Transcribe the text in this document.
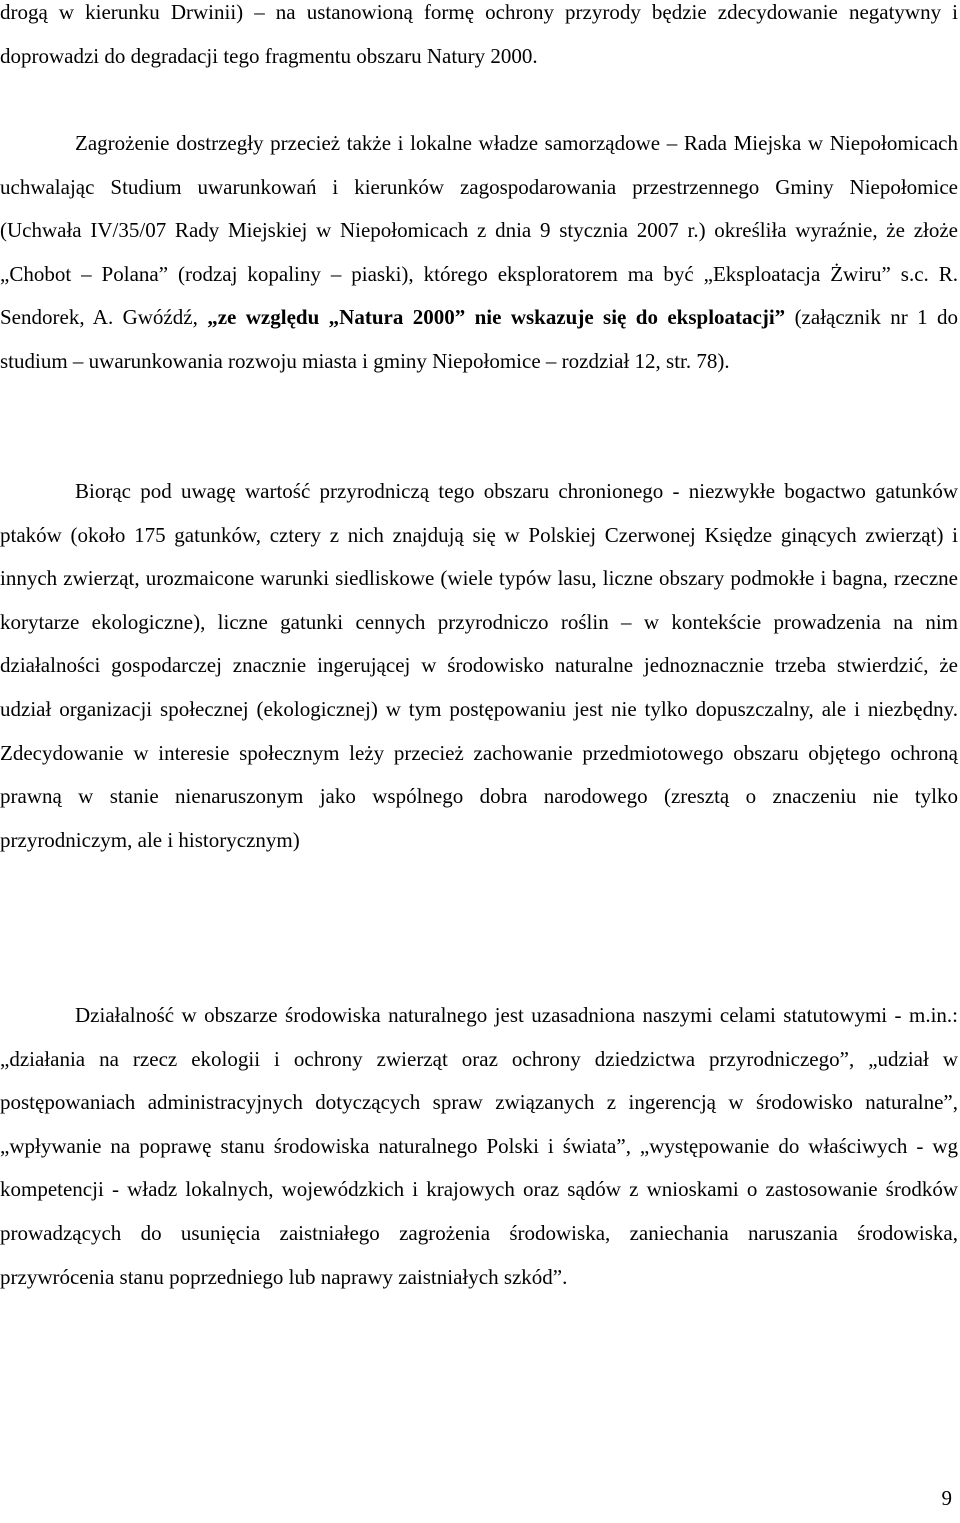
drogą w kierunku Drwinii) – na ustanowioną formę ochrony przyrody będzie zdecydowanie negatywny i doprowadzi do degradacji tego fragmentu obszaru Natury 2000.

Zagrożenie dostrzegły przecież także i lokalne władze samorządowe – Rada Miejska w Niepołomicach uchwalając Studium uwarunkowań i kierunków zagospodarowania przestrzennego Gminy Niepołomice (Uchwała IV/35/07 Rady Miejskiej w Niepołomicach z dnia 9 stycznia 2007 r.) określiła wyraźnie, że złoże „Chobot – Polana” (rodzaj kopaliny – piaski), którego eksploratorem ma być „Eksploatacja Żwiru” s.c. R. Sendorek, A. Gwóźdź, „ze względu „Natura 2000” nie wskazuje się do eksploatacji” (załącznik nr 1 do studium – uwarunkowania rozwoju miasta i gminy Niepołomice – rozdział 12, str. 78).

Biorąc pod uwagę wartość przyrodniczą tego obszaru chronionego - niezwykłe bogactwo gatunków ptaków (około 175 gatunków, cztery z nich znajdują się w Polskiej Czerwonej Księdze ginących zwierząt) i innych zwierząt, urozmaicone warunki siedliskowe (wiele typów lasu, liczne obszary podmokłe i bagna, rzeczne korytarze ekologiczne), liczne gatunki cennych przyrodniczo roślin – w kontekście prowadzenia na nim działalności gospodarczej znacznie ingerującej w środowisko naturalne jednoznacznie trzeba stwierdzić, że udział organizacji społecznej (ekologicznej) w tym postępowaniu jest nie tylko dopuszczalny, ale i niezbędny. Zdecydowanie w interesie społecznym leży przecież zachowanie przedmiotowego obszaru objętego ochroną prawną w stanie nienaruszonym jako wspólnego dobra narodowego (zresztą o znaczeniu nie tylko przyrodniczym, ale i historycznym)

Działalność w obszarze środowiska naturalnego jest uzasadniona naszymi celami statutowymi - m.in.: „działania na rzecz ekologii i ochrony zwierząt oraz ochrony dziedzictwa przyrodniczego”, „udział w postępowaniach administracyjnych dotyczących spraw związanych z ingerencją w środowisko naturalne”, „wpływanie na poprawę stanu środowiska naturalnego Polski i świata”, „występowanie do właściwych - wg kompetencji - władz lokalnych, wojewódzkich i krajowych oraz sądów z wnioskami o zastosowanie środków prowadzących do usunięcia zaistniałego zagrożenia środowiska, zaniechania naruszania środowiska, przywrócenia stanu poprzedniego lub naprawy zaistniałych szkód”.

9
